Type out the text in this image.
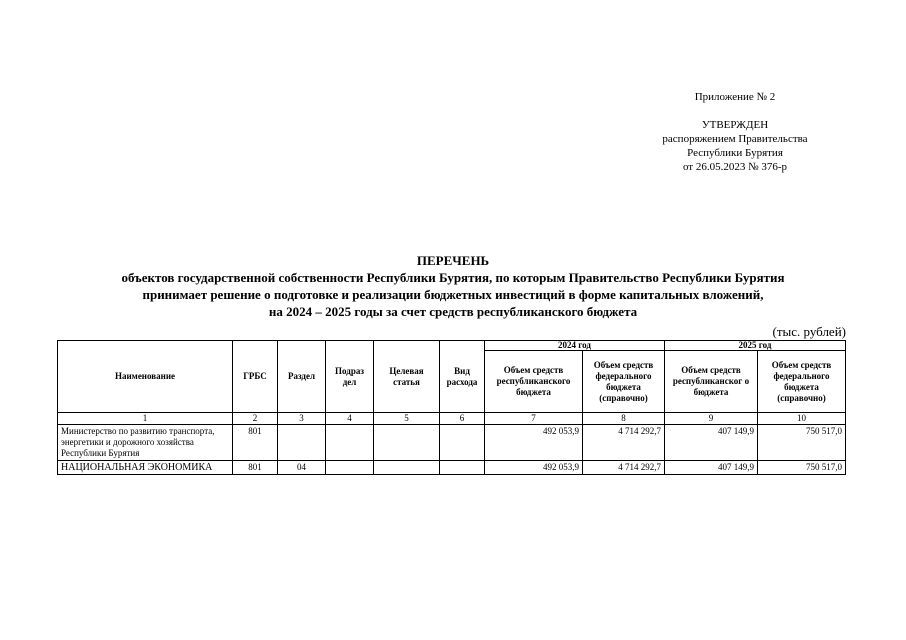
Приложение № 2
УТВЕРЖДЕН
распоряжением Правительства
Республики Бурятия
от 26.05.2023 № 376-р
ПЕРЕЧЕНЬ
объектов государственной собственности Республики Бурятия, по которым Правительство Республики Бурятия
принимает решение о подготовке и реализации бюджетных инвестиций в форме капитальных вложений,
на 2024 – 2025 годы за счет средств республиканского бюджета
(тыс. рублей)
Наименование	ГРБС	Раздел	Подраз дел	Целевая статья	Вид расхода	2024 год		2025 год	
						Объем средств республиканского бюджета	Объем средств федерального бюджета (справочно)	Объем средств республиканског о бюджета	Объем средств федерального бюджета (справочно)
1	2	3	4	5	6	7	8	9	10
Министерство по развитию транспорта, энергетики и дорожного хозяйства Республики Бурятия	801					492 053,9	4 714 292,7	407 149,9	750 517,0
НАЦИОНАЛЬНАЯ ЭКОНОМИКА	801	04				492 053,9	4 714 292,7	407 149,9	750 517,0
